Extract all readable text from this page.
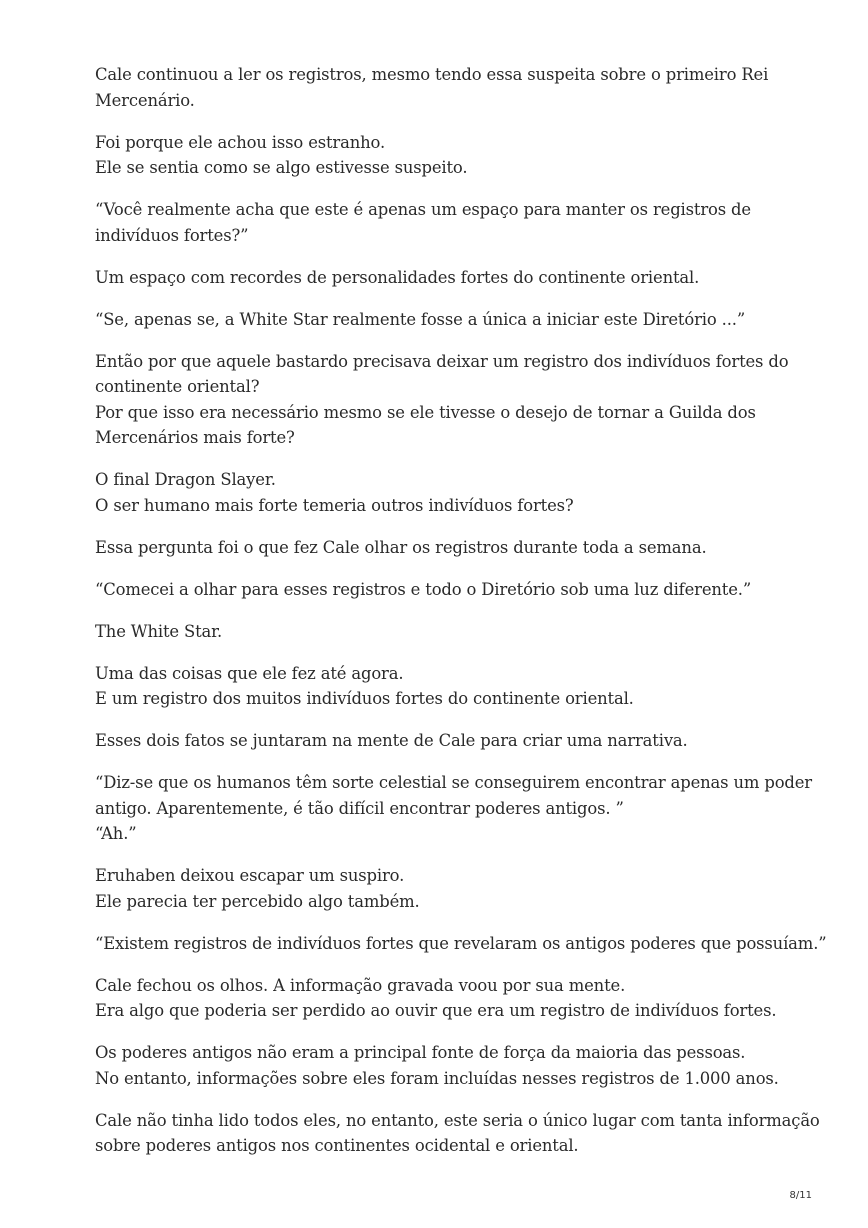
Cale continuou a ler os registros, mesmo tendo essa suspeita sobre o primeiro Rei
Mercenário.

Foi porque ele achou isso estranho.
Ele se sentia como se algo estivesse suspeito.

“Você realmente acha que este é apenas um espaço para manter os registros de
indivíduos fortes?”

Um espaço com recordes de personalidades fortes do continente oriental.

“Se, apenas se, a White Star realmente fosse a única a iniciar este Diretório ...”

Então por que aquele bastardo precisava deixar um registro dos indivíduos fortes do
continente oriental?
Por que isso era necessário mesmo se ele tivesse o desejo de tornar a Guilda dos
Mercenários mais forte?

O final Dragon Slayer.
O ser humano mais forte temeria outros indivíduos fortes?

Essa pergunta foi o que fez Cale olhar os registros durante toda a semana.

“Comecei a olhar para esses registros e todo o Diretório sob uma luz diferente.”

The White Star.

Uma das coisas que ele fez até agora.
E um registro dos muitos indivíduos fortes do continente oriental.

Esses dois fatos se juntaram na mente de Cale para criar uma narrativa.

“Diz-se que os humanos têm sorte celestial se conseguirem encontrar apenas um poder
antigo. Aparentemente, é tão difícil encontrar poderes antigos. ”
“Ah.”

Eruhaben deixou escapar um suspiro.
Ele parecia ter percebido algo também.

“Existem registros de indivíduos fortes que revelaram os antigos poderes que possuíam.”

Cale fechou os olhos. A informação gravada voou por sua mente.
Era algo que poderia ser perdido ao ouvir que era um registro de indivíduos fortes.

Os poderes antigos não eram a principal fonte de força da maioria das pessoas.
No entanto, informações sobre eles foram incluídas nesses registros de 1.000 anos.

Cale não tinha lido todos eles, no entanto, este seria o único lugar com tanta informação
sobre poderes antigos nos continentes ocidental e oriental.

8/11
